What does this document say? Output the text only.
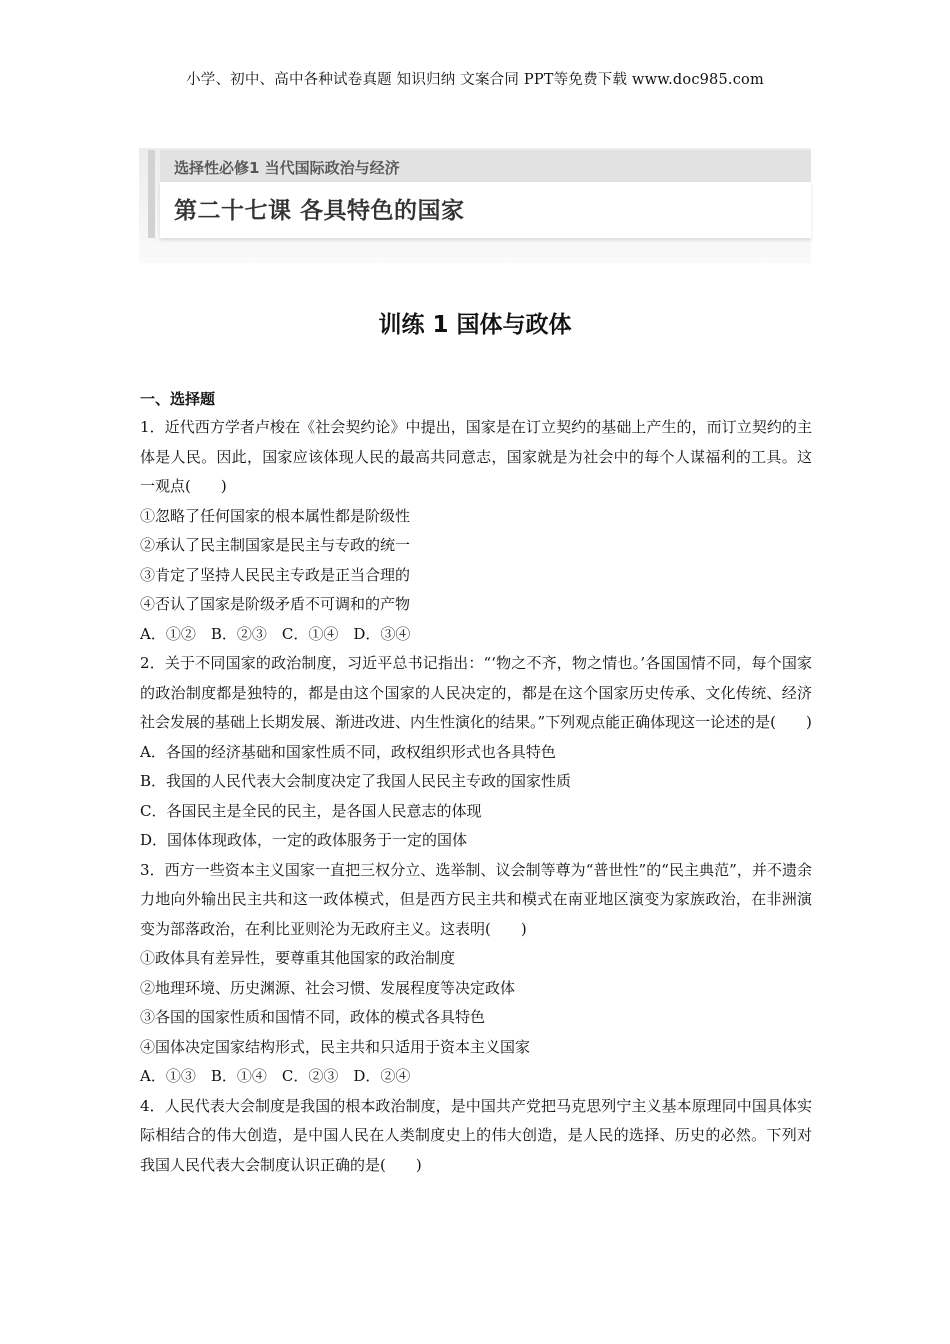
小学、初中、高中各种试卷真题 知识归纳 文案合同 PPT等免费下载 www.doc985.com
选择性必修1 当代国际政治与经济
第二十七课 各具特色的国家
训练 1 国体与政体

一、选择题

1．近代西方学者卢梭在《社会契约论》中提出，国家是在订立契约的基础上产生的，而订立契约的主体是人民。因此，国家应该体现人民的最高共同意志，国家就是为社会中的每个人谋福利的工具。这一观点(　　)

①忽略了任何国家的根本属性都是阶级性

②承认了民主制国家是民主与专政的统一

③肯定了坚持人民民主专政是正当合理的

④否认了国家是阶级矛盾不可调和的产物

A．①②　B．②③　C．①④　D．③④

2．关于不同国家的政治制度，习近平总书记指出：“‘物之不齐，物之情也。’各国国情不同，每个国家的政治制度都是独特的，都是由这个国家的人民决定的，都是在这个国家历史传承、文化传统、经济社会发展的基础上长期发展、渐进改进、内生性演化的结果。”下列观点能正确体现这一论述的是(　　)

A．各国的经济基础和国家性质不同，政权组织形式也各具特色

B．我国的人民代表大会制度决定了我国人民民主专政的国家性质

C．各国民主是全民的民主，是各国人民意志的体现

D．国体体现政体，一定的政体服务于一定的国体

3．西方一些资本主义国家一直把三权分立、选举制、议会制等尊为“普世性”的“民主典范”，并不遗余力地向外输出民主共和这一政体模式，但是西方民主共和模式在南亚地区演变为家族政治，在非洲演变为部落政治，在利比亚则沦为无政府主义。这表明(　　)

①政体具有差异性，要尊重其他国家的政治制度

②地理环境、历史渊源、社会习惯、发展程度等决定政体

③各国的国家性质和国情不同，政体的模式各具特色

④国体决定国家结构形式，民主共和只适用于资本主义国家

A．①③　B．①④　C．②③　D．②④

4．人民代表大会制度是我国的根本政治制度，是中国共产党把马克思列宁主义基本原理同中国具体实际相结合的伟大创造，是中国人民在人类制度史上的伟大创造，是人民的选择、历史的必然。下列对我国人民代表大会制度认识正确的是(　　)
